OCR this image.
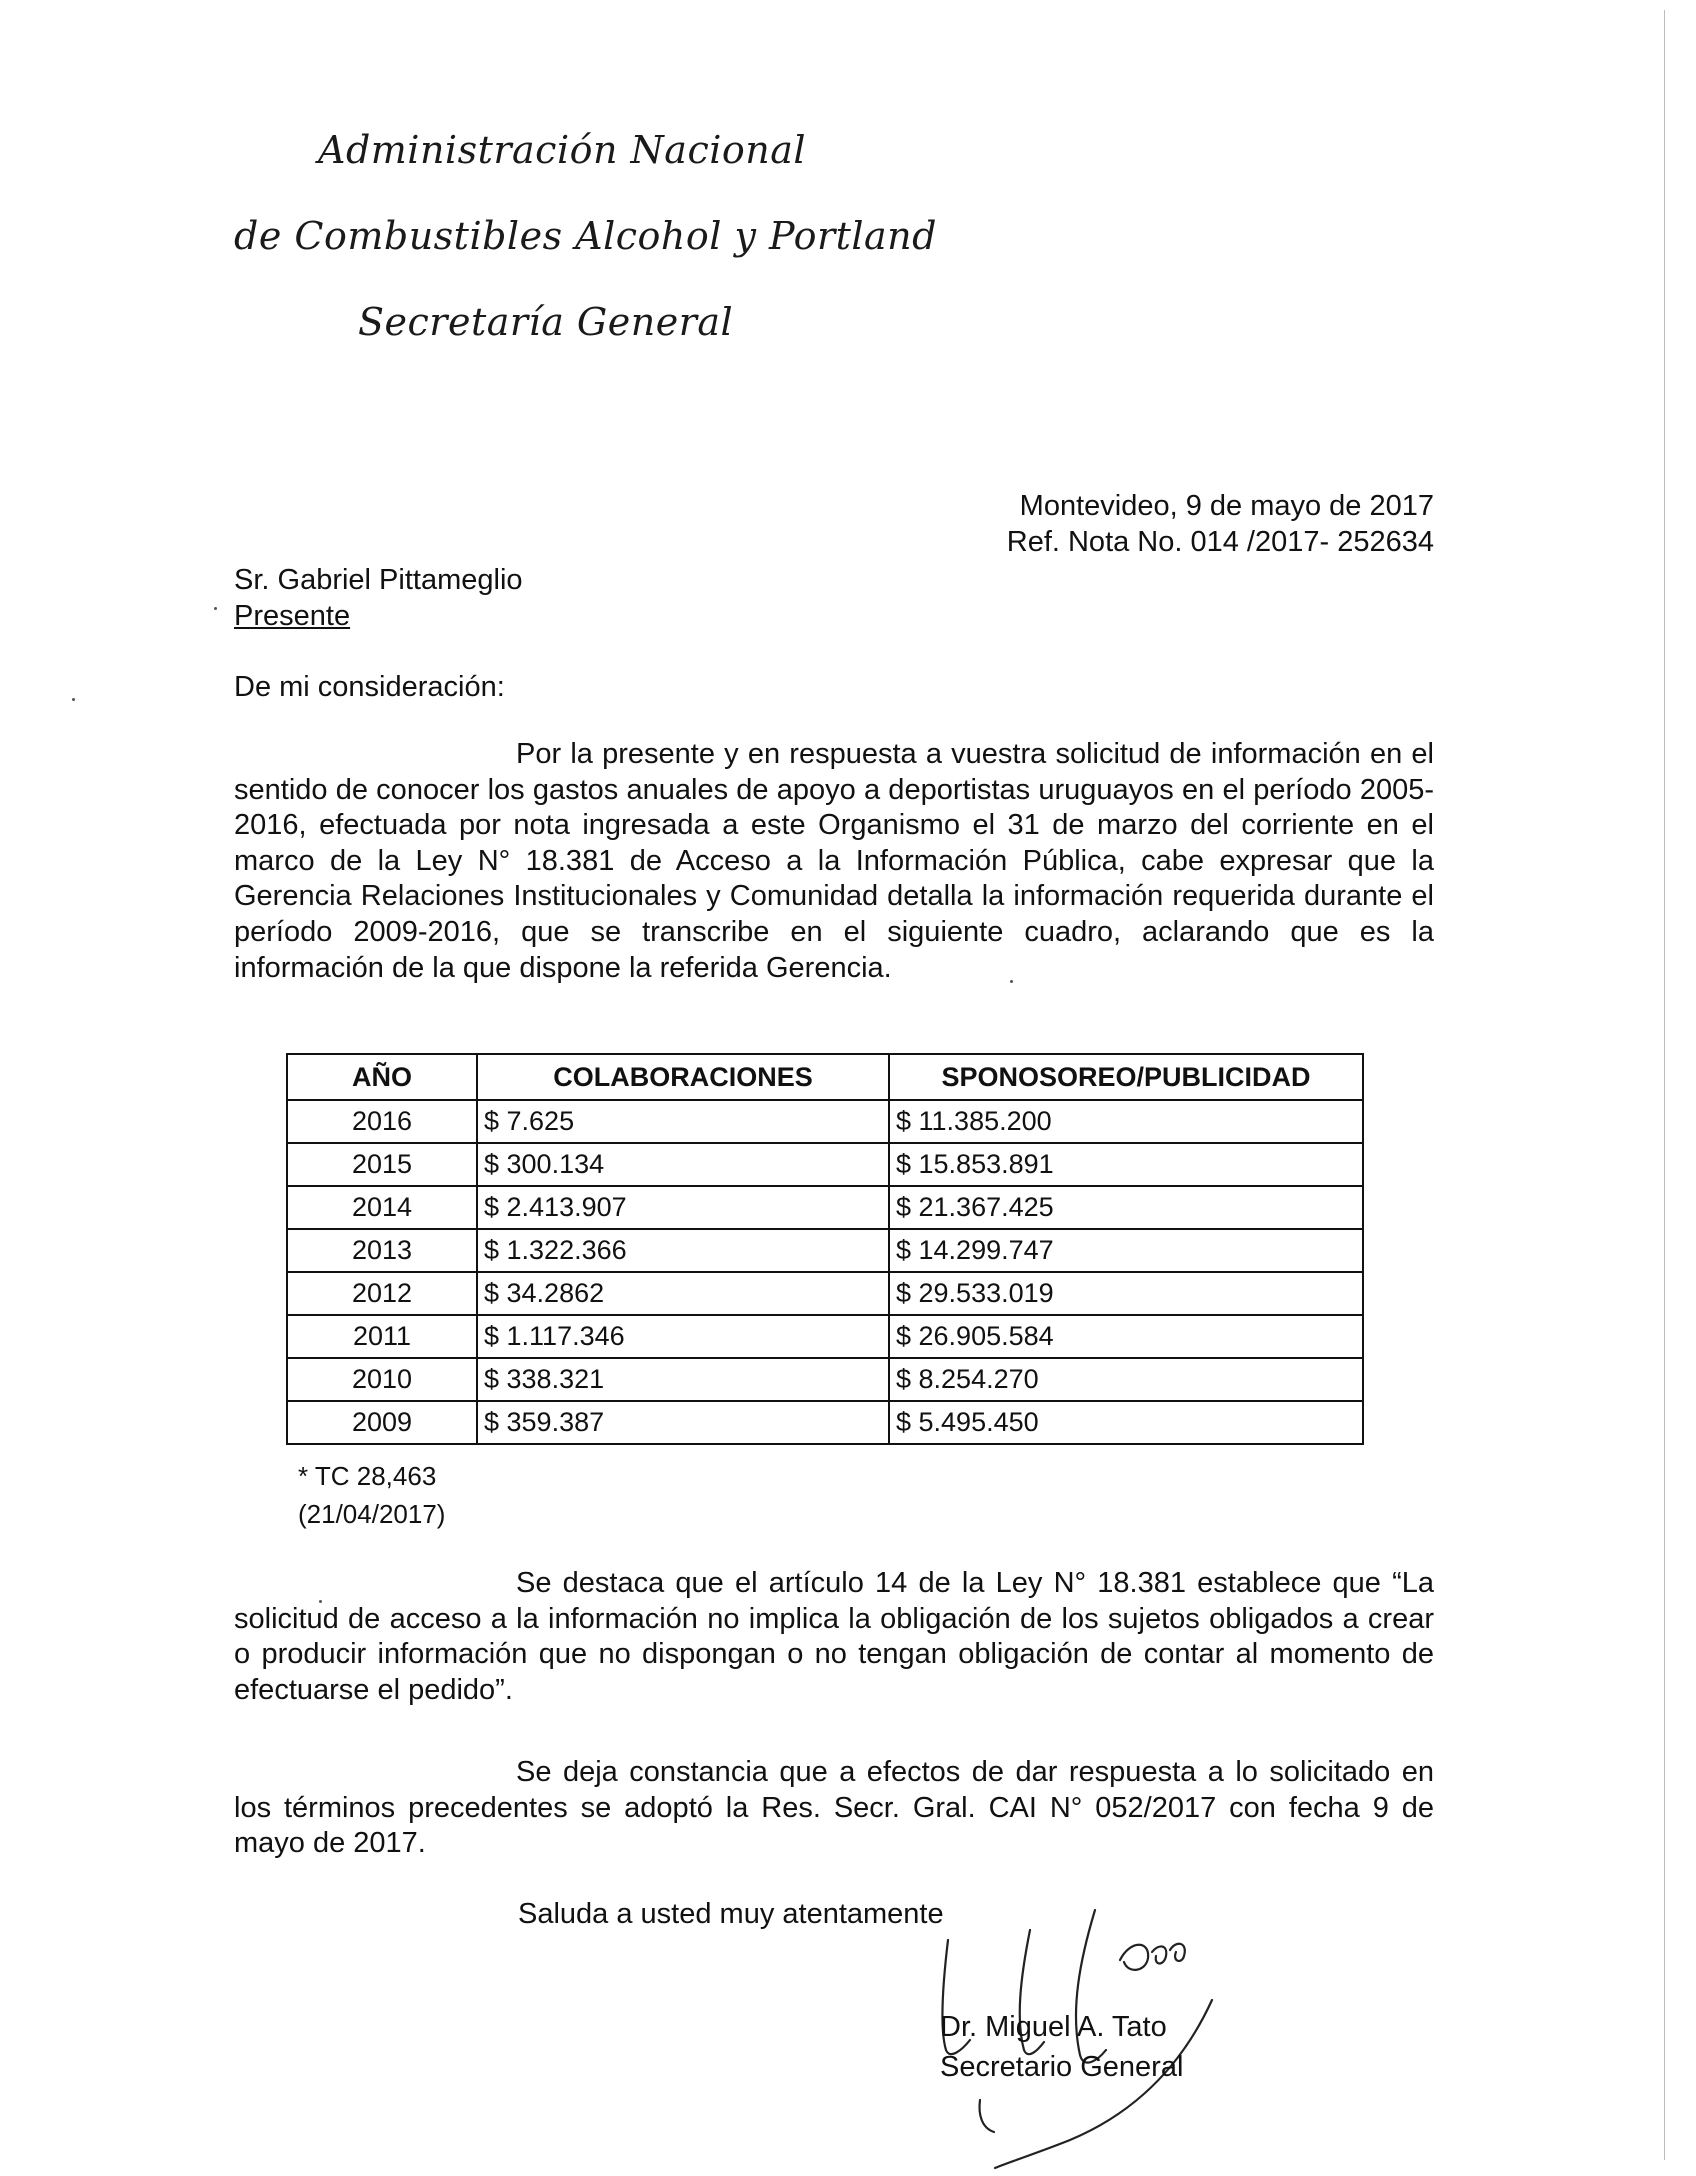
Administración Nacional
de Combustibles Alcohol y Portland
Secretaría General
Montevideo, 9 de mayo de 2017
Ref. Nota No. 014 /2017- 252634
Sr. Gabriel Pittameglio
Presente
De mi consideración:
Por la presente y en respuesta a vuestra solicitud de información en el sentido de conocer los gastos anuales de apoyo a deportistas uruguayos en el período 2005-2016, efectuada por nota ingresada a este Organismo el 31 de marzo del corriente en el marco de la Ley N° 18.381 de Acceso a la Información Pública, cabe expresar que la Gerencia Relaciones Institucionales y Comunidad detalla la información requerida durante el período 2009-2016, que se transcribe en el siguiente cuadro, aclarando que es la información de la que dispone la referida Gerencia.
AÑO	COLABORACIONES	SPONOSOREO/PUBLICIDAD
2016	$ 7.625	$ 11.385.200
2015	$ 300.134	$ 15.853.891
2014	$ 2.413.907	$ 21.367.425
2013	$ 1.322.366	$ 14.299.747
2012	$ 34.2862	$ 29.533.019
2011	$ 1.117.346	$ 26.905.584
2010	$ 338.321	$ 8.254.270
2009	$ 359.387	$ 5.495.450
* TC 28,463
(21/04/2017)
Se destaca que el artículo 14 de la Ley N° 18.381 establece que “La solicitud de acceso a la información no implica la obligación de los sujetos obligados a crear o producir información que no dispongan o no tengan obligación de contar al momento de efectuarse el pedido”.
Se deja constancia que a efectos de dar respuesta a lo solicitado en los términos precedentes se adoptó la Res. Secr. Gral. CAI N° 052/2017 con fecha 9 de mayo de 2017.
Saluda a usted muy atentamente
Dr. Miguel A. Tato
Secretario General
